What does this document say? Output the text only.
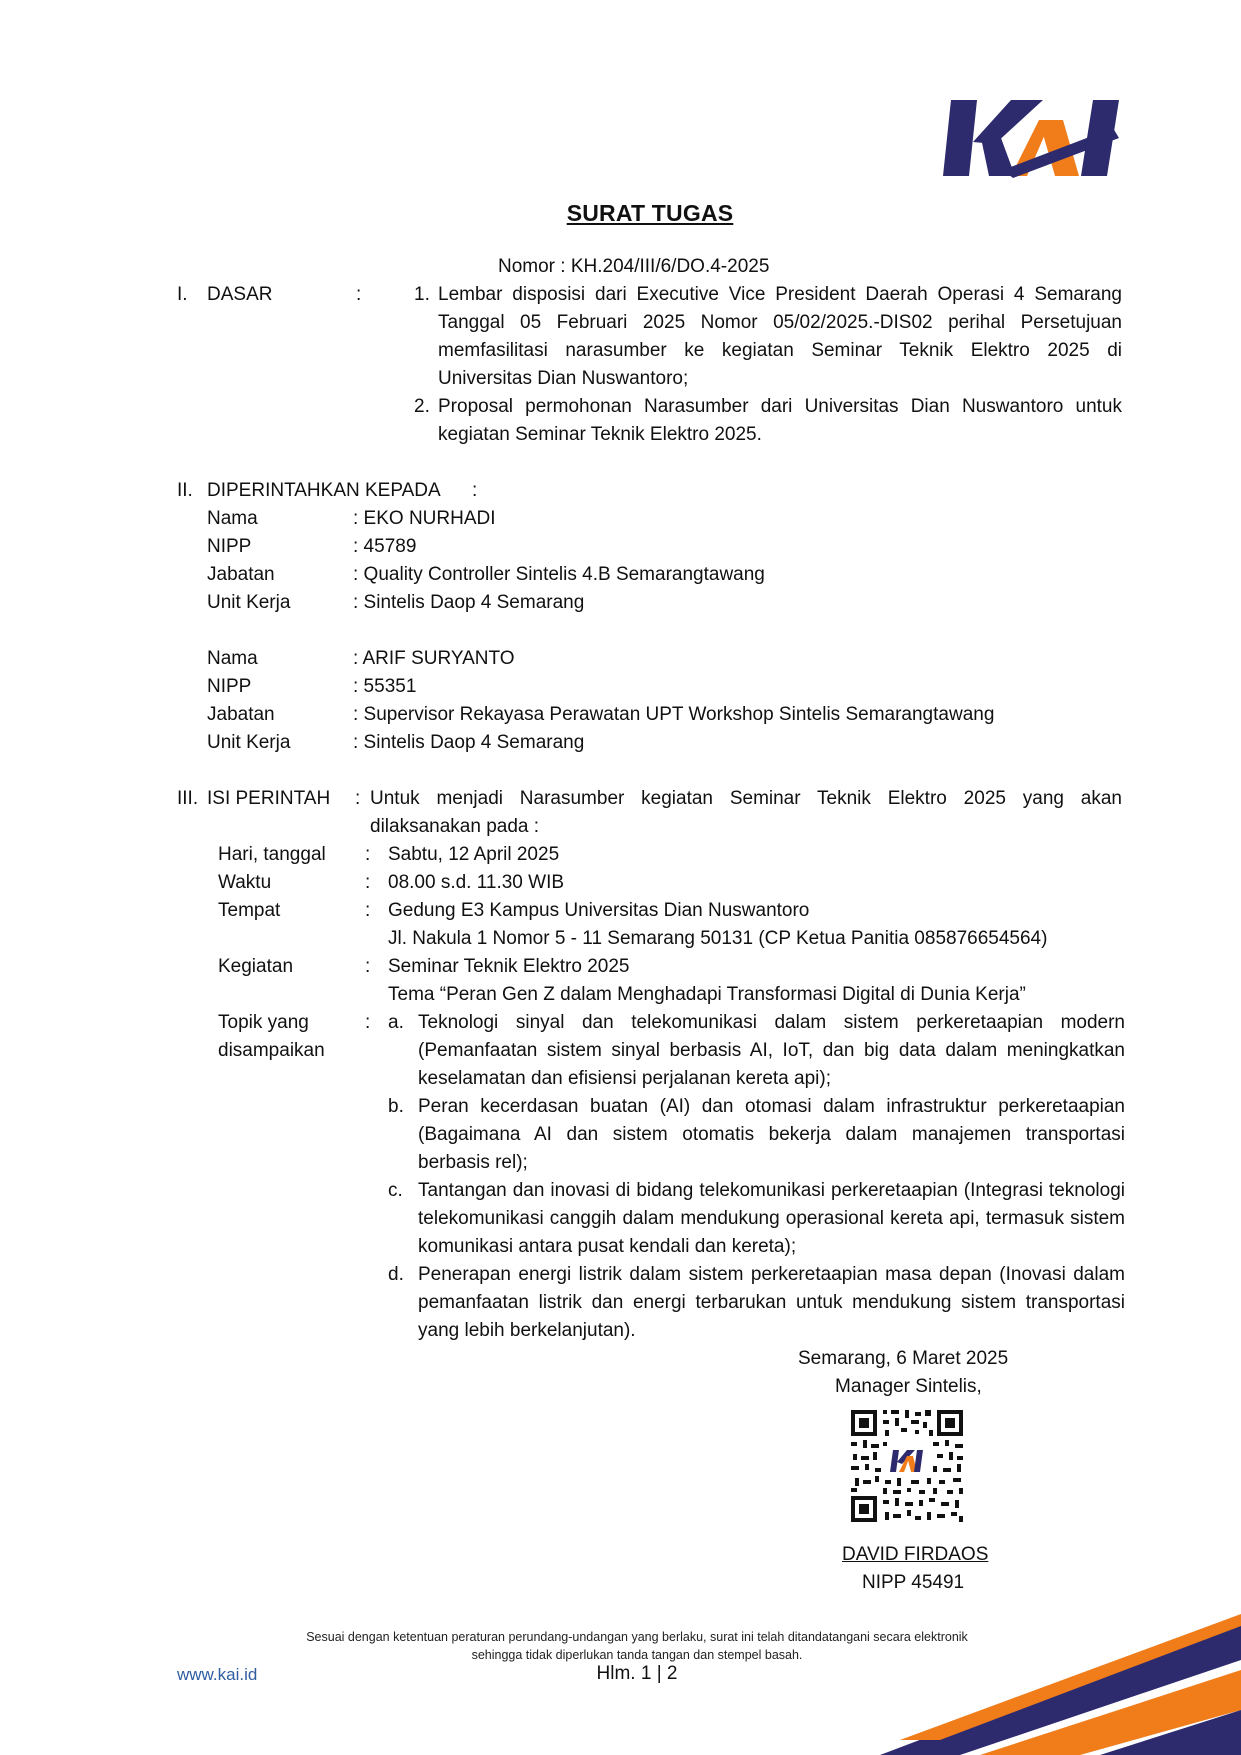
SURAT TUGAS
Nomor : KH.204/III/6/DO.4-2025
I. DASAR	:	1. Lembar disposisi dari Executive Vice President Daerah Operasi 4 Semarang Tanggal 05 Februari 2025 Nomor 05/02/2025.-DIS02 perihal Persetujuan memfasilitasi narasumber ke kegiatan Seminar Teknik Elektro 2025 di Universitas Dian Nuswantoro;
2. Proposal permohonan Narasumber dari Universitas Dian Nuswantoro untuk kegiatan Seminar Teknik Elektro 2025.
II. DIPERINTAHKAN KEPADA :
Nama	: EKO NURHADI
NIPP	: 45789
Jabatan	: Quality Controller Sintelis 4.B Semarangtawang
Unit Kerja	: Sintelis Daop 4 Semarang
Nama	: ARIF SURYANTO
NIPP	: 55351
Jabatan	: Supervisor Rekayasa Perawatan UPT Workshop Sintelis Semarangtawang
Unit Kerja	: Sintelis Daop 4 Semarang
III. ISI PERINTAH : Untuk menjadi Narasumber kegiatan Seminar Teknik Elektro 2025 yang akan
dilaksanakan pada :
Hari, tanggal : Sabtu, 12 April 2025
Waktu	: 08.00 s.d. 11.30 WIB
Tempat	: Gedung E3 Kampus Universitas Dian Nuswantoro
Jl. Nakula 1 Nomor 5 - 11 Semarang 50131 (CP Ketua Panitia 085876654564)
Kegiatan	: Seminar Teknik Elektro 2025
Tema “Peran Gen Z dalam Menghadapi Transformasi Digital di Dunia Kerja”
Topik yang
disampaikan
: a. Teknologi sinyal dan telekomunikasi dalam sistem perkeretaapian modern (Pemanfaatan sistem sinyal berbasis AI, IoT, dan big data dalam meningkatkan keselamatan dan efisiensi perjalanan kereta api);
b. Peran kecerdasan buatan (AI) dan otomasi dalam infrastruktur perkeretaapian (Bagaimana AI dan sistem otomatis bekerja dalam manajemen transportasi berbasis rel);
c. Tantangan dan inovasi di bidang telekomunikasi perkeretaapian (Integrasi teknologi telekomunikasi canggih dalam mendukung operasional kereta api, termasuk sistem komunikasi antara pusat kendali dan kereta);
d. Penerapan energi listrik dalam sistem perkeretaapian masa depan (Inovasi dalam pemanfaatan listrik dan energi terbarukan untuk mendukung sistem transportasi yang lebih berkelanjutan).
Semarang, 6 Maret 2025
Manager Sintelis,
DAVID FIRDAOS
NIPP 45491
Sesuai dengan ketentuan peraturan perundang-undangan yang berlaku, surat ini telah ditandatangani secara elektronik
sehingga tidak diperlukan tanda tangan dan stempel basah.
www.kai.id	Hlm. 1 | 2
